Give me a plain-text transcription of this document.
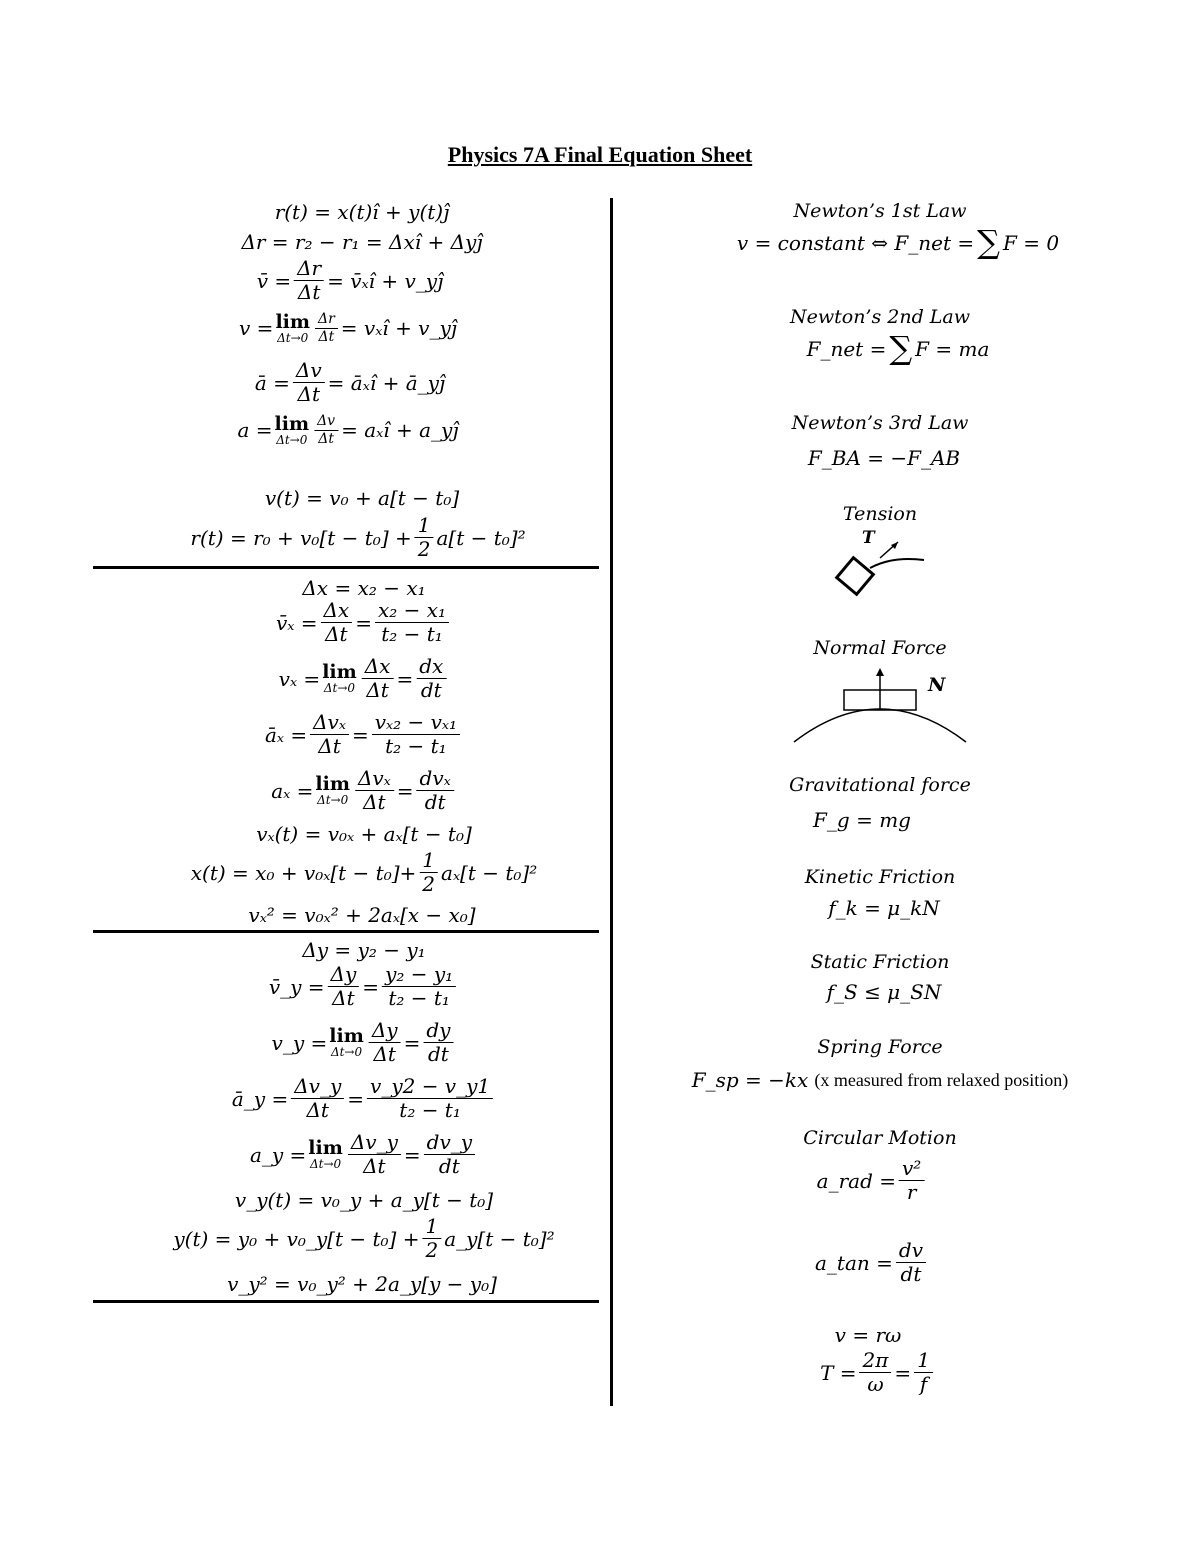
Physics 7A Final Equation Sheet
r(t) = x(t)î + y(t)ĵ
Δr = r₂ − r₁ = Δxî + Δyĵ
v̄ = $\frac{\Delta r}{\Delta t}$ = v̄ₓî + v_yĵ
v = lim
$\Delta t\to 0 \frac{\Delta r}{\Delta t}$ = vₓî + v_yĵ
ā = $\frac{\Delta v}{\Delta t}$ = āₓî + ā_yĵ
a = lim
$\Delta t\to 0 \frac{\Delta v}{\Delta t}$ = aₓî + a_yĵ
v(t) = v₀ + a[t − t₀]
$r(t) = r_0 + v_0[t - t_0] + \frac{1}{2} a[t - t_0]^2$
Δx = x₂ − x₁
v̄ₓ = $\frac{\Delta x}{\Delta t} = \frac{\text{x₂ − x₁}}{\text{t₂ − t₁}}$
vₓ = lim
$\Delta t\to 0 \frac{\Delta x}{\Delta t} = \frac{dx}{dt}$
āₓ = $\frac{\text{Δvₓ}}{\Delta t} = \frac{\text{vₓ₂ − vₓ₁}}{\text{t₂ − t₁}}$
aₓ = lim
$\Delta t\to 0 \frac{\text{Δvₓ}}{\Delta t} = \frac{\text{dvₓ}}{dt}$
vₓ(t) = v₀ₓ + aₓ[t − t₀]
$x(t) = x_0 + v_{0x}[t - t_0]+ \frac{1}{2} a_x[t - t_0]^2$
vₓ² = v₀ₓ² + 2aₓ[x − x₀]
Δy = y₂ − y₁
v̄_y = $\frac{\Delta y}{\Delta t} = \frac{\text{y₂ − y₁}}{\text{t₂ − t₁}}$
v_y = lim
$\Delta t\to 0 \frac{\Delta y}{\Delta t} = \frac{dy}{dt}$
ā_y = $\frac{\Delta v\_y}{\Delta t} = \frac{v\_y2 - v\_y1}{\text{t₂ − t₁}}$
a_y = lim
$\Delta t\to 0 \frac{\Delta v\_y}{\Delta t} = \frac{dv\_y}{dt}$
v_y(t) = v₀_y + a_y[t − t₀]
y(t) = y₀ + v₀_y[t − $t_0] + \frac{1}{2}$ a_y[t − t₀]²
v_y² = v₀_y² + 2a_y[y − y₀]
Newton’s 1st Law
v = constant ⇔ F_net = ∑ F = 0
Newton’s 2nd Law
F_net = ∑ F = ma
Newton’s 3rd Law
F_BA = −F_AB
Tension
T
Normal Force
N
Gravitational force
F_g = mg
Kinetic Friction
f_k = μ_kN
Static Friction
f_S ≤ μ_SN
Spring Force
F_sp = −kx (x measured from relaxed position)
Circular Motion
a_rad = $\frac{\text{v²}}{r}$
a_tan = $\frac{dv}{dt}$
v = rω
$T = \frac{2\pi}{\omega} = \frac{1}{f}$
